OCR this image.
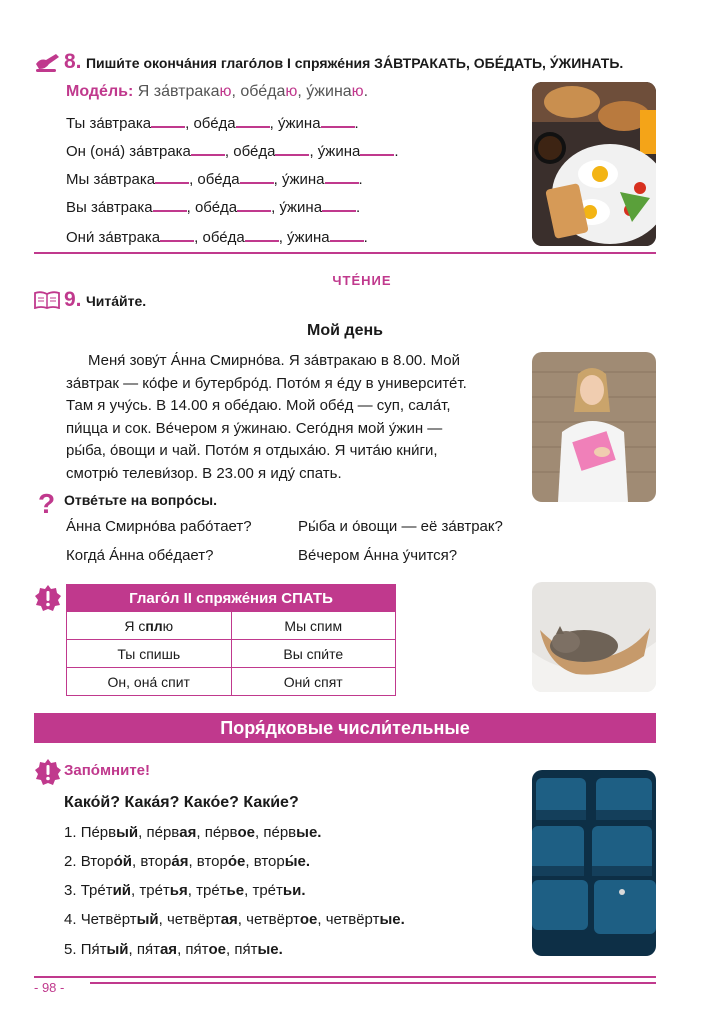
8. Пиши́те оконча́ния глаго́лов I спряже́ния ЗА́ВТРАКАТЬ, ОБЕ́ДАТЬ, У́ЖИНАТЬ.
Моде́ль: Я за́втракаю, обе́даю, у́жинаю.
Ты за́втрака , обе́да , у́жина .
Он (она́) за́втрака , обе́да , у́жина .
Мы за́втрака , обе́да , у́жина .
Вы за́втрака , обе́да , у́жина .
Они́ за́втрака , обе́да , у́жина .
ЧТЕ́НИЕ
9. Чита́йте.
Мой день
Меня́ зову́т А́нна Смирно́ва. Я за́втракаю в 8.00. Мой
за́втрак — ко́фе и бутербро́д. Пото́м я е́ду в университе́т.
Там я учу́сь. В 14.00 я обе́даю. Мой обе́д — суп, сала́т,
пи́цца и сок. Ве́чером я у́жинаю. Сего́дня мой у́жин —
ры́ба, о́вощи и чай. Пото́м я отдыха́ю. Я чита́ю кни́ги,
смотрю́ телеви́зор. В 23.00 я иду́ спать.
? Отве́тьте на вопро́сы.
А́нна Смирно́ва рабо́тает?	Ры́ба и о́вощи — её за́втрак?
Когда́ А́нна обе́дает?	Ве́чером А́нна у́чится?
Глаго́л II спряже́ния СПАТЬ	
Я сплю	Мы спим
Ты спишь	Вы спи́те
Он, она́ спит	Они́ спят
Поря́дковые числи́тельные
Запо́мните!
Како́й? Кака́я? Како́е? Каки́е?
1. Пе́рвый, пе́рвая, пе́рвое, пе́рвые.
2. Второ́й, втора́я, второ́е, вторы́е.
3. Тре́тий, тре́тья, тре́тье, тре́тьи.
4. Четвёртый, четвёртая, четвёртое, четвёртые.
5. Пя́тый, пя́тая, пя́тое, пя́тые.
- 98 -
